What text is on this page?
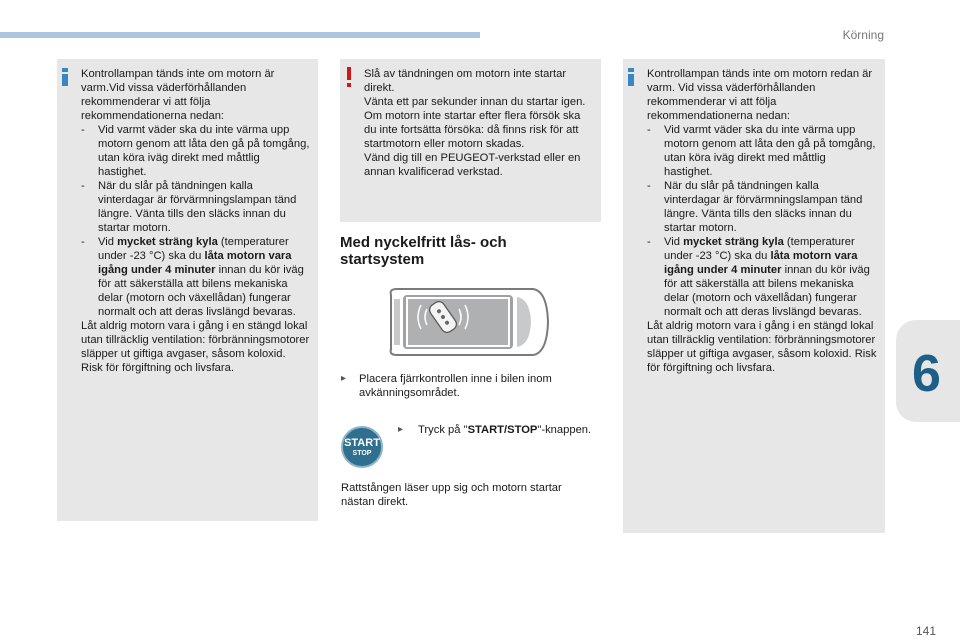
Körning
6

Kontrollampan tänds inte om motorn är varm.Vid vissa väderförhållanden rekommenderar vi att följa rekommendationerna nedan:

- Vid varmt väder ska du inte värma upp motorn genom att låta den gå på tomgång, utan köra iväg direkt med måttlig hastighet.
- När du slår på tändningen kalla vinterdagar är förvärmningslampan tänd längre. Vänta tills den släcks innan du startar motorn.
- Vid mycket sträng kyla (temperaturer under -23 °C) ska du låta motorn vara igång under 4 minuter innan du kör iväg för att säkerställa att bilens mekaniska delar (motorn och växellådan) fungerar normalt och att deras livslängd bevaras.

Låt aldrig motorn vara i gång i en stängd lokal utan tillräcklig ventilation: förbränningsmotorer släpper ut giftiga avgaser, såsom koloxid. Risk för förgiftning och livsfara.

Slå av tändningen om motorn inte startar direkt.

Vänta ett par sekunder innan du startar igen. Om motorn inte startar efter flera försök ska du inte fortsätta försöka: då finns risk för att startmotorn eller motorn skadas.

Vänd dig till en PEUGEOT-verkstad eller en annan kvalificerad verkstad.

Med nyckelfritt lås- och startsystem
▸ Placera fjärrkontrollen inne i bilen inom avkänningsområdet.
START
STOP
▸ Tryck på "START/STOP"-knappen.
Rattstången läser upp sig och motorn startar nästan direkt.

Kontrollampan tänds inte om motorn redan är varm. Vid vissa väderförhållanden rekommenderar vi att följa rekommendationerna nedan:

- Vid varmt väder ska du inte värma upp motorn genom att låta den gå på tomgång, utan köra iväg direkt med måttlig hastighet.
- När du slår på tändningen kalla vinterdagar är förvärmningslampan tänd längre. Vänta tills den släcks innan du startar motorn.
- Vid mycket sträng kyla (temperaturer under -23 °C) ska du låta motorn vara igång under 4 minuter innan du kör iväg för att säkerställa att bilens mekaniska delar (motorn och växellådan) fungerar normalt och att deras livslängd bevaras.

Låt aldrig motorn vara i gång i en stängd lokal utan tillräcklig ventilation: förbränningsmotorer släpper ut giftiga avgaser, såsom koloxid. Risk för förgiftning och livsfara.

141
